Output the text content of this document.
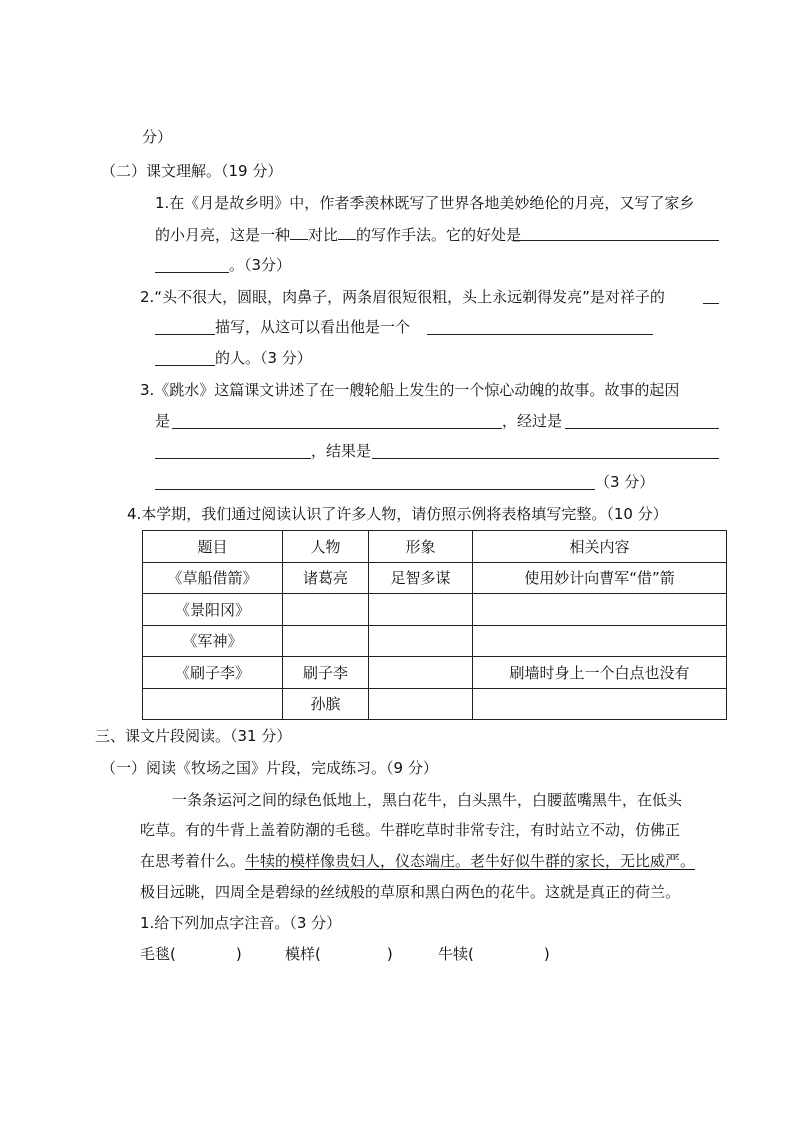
分）
（二）课文理解。（19 分）
1.在《月是故乡明》中，作者季羡林既写了世界各地美妙绝伦的月亮，又写了家乡
的小月亮，这是一种 对比 的写作手法。它的好处是
。（3分）
2.“头不很大，圆眼，肉鼻子，两条眉很短很粗，头上永远剃得发亮”是对祥子的
描写，从这可以看出他是一个
的人。（3 分）
3.《跳水》这篇课文讲述了在一艘轮船上发生的一个惊心动魄的故事。故事的起因
是	，经过是
，结果是
（3 分）
4.本学期，我们通过阅读认识了许多人物，请仿照示例将表格填写完整。（10 分）
题目	人物	形象	相关内容
《草船借箭》	诸葛亮	足智多谋	使用妙计向曹军“借”箭
《景阳冈》			
《军神》			
《刷子李》	刷子李		刷墙时身上一个白点也没有
	孙膑		
三、课文片段阅读。（31 分）
（一）阅读《牧场之国》片段，完成练习。（9 分）
一条条运河之间的绿色低地上，黑白花牛，白头黑牛，白腰蓝嘴黑牛，在低头
吃草。有的牛背上盖着防潮的毛毯。牛群吃草时非常专注，有时站立不动，仿佛正
在思考着什么。牛犊的模样像贵妇人，仪态端庄。老牛好似牛群的家长，无比威严。
极目远眺，四周全是碧绿的丝绒般的草原和黑白两色的花牛。这就是真正的荷兰。
1.给下列加点字注音。（3 分）
毛毯(	)	模样(	)	牛犊(	)
